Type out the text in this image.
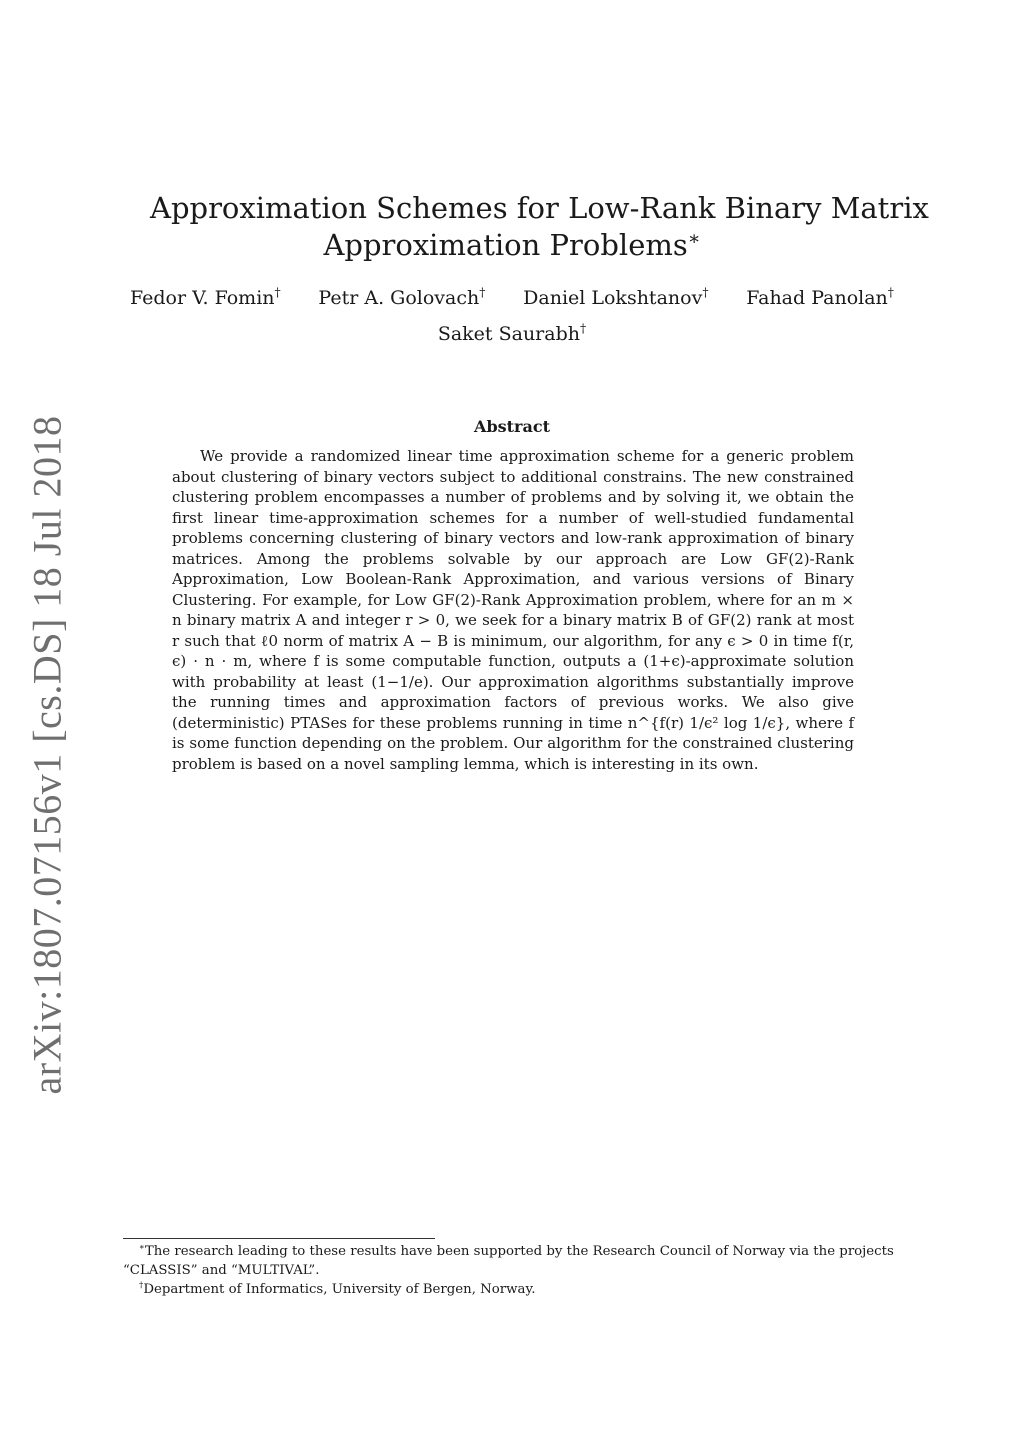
arXiv:1807.07156v1 [cs.DS] 18 Jul 2018
Approximation Schemes for Low-Rank Binary Matrix
Approximation Problems∗
Fedor V. Fomin† Petr A. Golovach† Daniel Lokshtanov† Fahad Panolan†
Saket Saurabh†
Abstract

We provide a randomized linear time approximation scheme for a generic problem about clustering of binary vectors subject to additional constrains. The new constrained clustering problem encompasses a number of problems and by solving it, we obtain the first linear time-approximation schemes for a number of well-studied fundamental problems concerning clustering of binary vectors and low-rank approximation of binary matrices. Among the problems solvable by our approach are Low GF(2)-Rank Approximation, Low Boolean-Rank Approximation, and various versions of Binary Clustering. For example, for Low GF(2)-Rank Approximation problem, where for an m × n binary matrix A and integer r > 0, we seek for a binary matrix B of GF(2) rank at most r such that ℓ0 norm of matrix A − B is minimum, our algorithm, for any ϵ > 0 in time f(r, ϵ) · n · m, where f is some computable function, outputs a (1+ϵ)-approximate solution with probability at least (1−1/e). Our approximation algorithms substantially improve the running times and approximation factors of previous works. We also give (deterministic) PTASes for these problems running in time n^{f(r) 1/ϵ² log 1/ϵ}, where f is some function depending on the problem. Our algorithm for the constrained clustering problem is based on a novel sampling lemma, which is interesting in its own.

∗The research leading to these results have been supported by the Research Council of Norway via the projects “CLASSIS” and “MULTIVAL”.

†Department of Informatics, University of Bergen, Norway.
